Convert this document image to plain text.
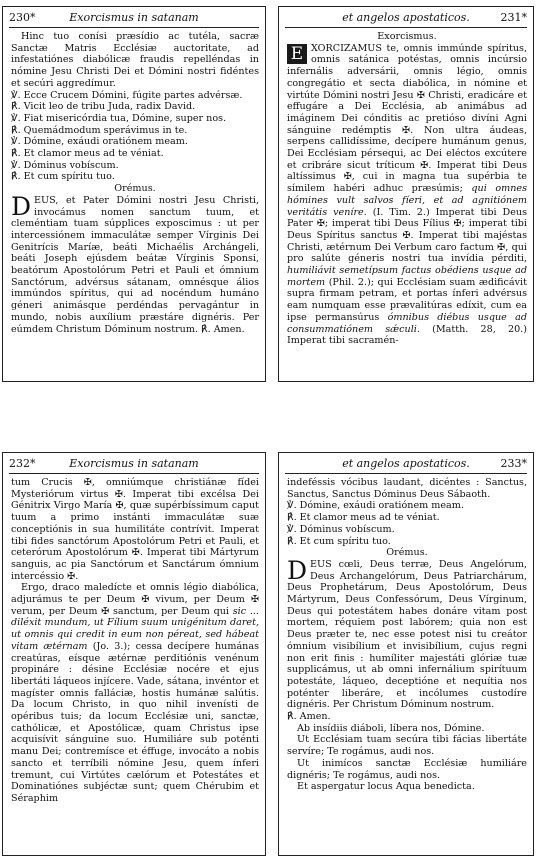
230*	Exorcismus in satanam

Hinc tuo conísi præsídio ac tutéla, sacræ Sanctæ Matris Ecclésiæ auctoritate, ad infestatiónes diabólicæ fraudis repelléndas in nómine Jesu Christi Dei et Dómini nostri fidéntes et secúri aggredímur.

℣. Ecce Crucem Dómini, fúgite partes advérsæ.

℟. Vicit leo de tribu Juda, radix David.

℣. Fiat misericórdia tua, Dómine, super nos.

℟. Quemádmodum sperávimus in te.

℣. Dómine, exáudi oratiónem meam.

℟. Et clamor meus ad te véniat.

℣. Dóminus vobíscum.

℟. Et cum spíritu tuo.

Orémus.

DEUS, et Pater Dómini nostri Jesu Christi, invocámus nomen sanctum tuum, et cleméntiam tuam súpplices exposcimus : ut per intercessiónem immaculátæ semper Vírginis Dei Genitrícis Maríæ, beáti Michaélis Archángeli, beáti Joseph ejúsdem beátæ Vírginis Sponsi, beatórum Apostolórum Petri et Pauli et ómnium Sanctórum, advérsus sátanam, omnésque álios immúndos spíritus, qui ad nocéndum humáno géneri animásque perdéndas pervagántur in mundo, nobis auxílium præstáre dignéris. Per eúmdem Christum Dóminum nostrum. ℟. Amen.

et angelos apostaticos.	231*

Exorcismus.

E XORCIZAMUS te, omnis immúnde spíritus, omnis satánica potéstas, omnis incúrsio infernális adversárii, omnis légio, omnis congregátio et secta diabólica, in nómine et virtúte Dómini nostri Jesu ✠ Christi, eradicáre et effugáre a Dei Ecclésia, ab animábus ad imáginem Dei cónditis ac pretióso divíni Agni sánguine redémptis ✠. Non ultra áudeas, serpens callidíssime, decípere humánum genus, Dei Ecclésiam pérsequi, ac Dei eléctos excútere et cribráre sicut tríticum ✠. Imperat tibi Deus altíssimus ✠, cui in magna tua supérbia te símilem habéri adhuc præsúmis; qui omnes hómines vult salvos fíeri, et ad agnitiónem veritátis veníre. (I. Tim. 2.) Imperat tibi Deus Pater ✠; imperat tibi Deus Fílius ✠; imperat tibi Deus Spíritus sanctus ✠. Imperat tibi majéstas Christi, ætérnum Dei Verbum caro factum ✠, qui pro salúte géneris nostri tua invídia pérditi, humiliávit semetípsum factus obédiens usque ad mortem (Phil. 2.); qui Ecclésiam suam ædificávit supra firmam petram, et portas ínferi advérsus eam numquam esse prævalitúras edíxit, cum ea ipse permansúrus ómnibus diébus usque ad consummatiónem sǽculi. (Matth. 28, 20.) Imperat tibi sacramén-

232*	Exorcismus in satanam

tum Crucis ✠, omniúmque christiánæ fídei Mysteriórum virtus ✠. Imperat tibi excélsa Dei Génitrix Virgo María ✠, quæ supérbíssimum caput tuum a primo instánti immaculátæ suæ conceptiónis in sua humilitáte contrívit. Imperat tibi fides sanctórum Apostolórum Petri et Pauli, et ceterórum Apostolórum ✠. Imperat tibi Mártyrum sanguis, ac pia Sanctórum et Sanctárum ómnium intercéssio ✠.

Ergo, draco maledícte et omnis légio diabólica, adjurámus te per Deum ✠ vivum, per Deum ✠ verum, per Deum ✠ sanctum, per Deum qui sic ... diléxit mundum, ut Fílium suum unigénitum daret, ut omnis qui credit in eum non péreat, sed hábeat vitam ætérnam (Jo. 3.); cessa decípere humánas creatúras, eísque ætérnæ perditiónis venénum propináre : désine Ecclésiæ nocére et ejus libertáti láqueos injícere. Vade, sátana, invéntor et magíster omnis falláciæ, hostis humánæ salútis. Da locum Christo, in quo nihil invenísti de opéribus tuis; da locum Ecclésiæ uni, sanctæ, cathólicæ, et Apostólicæ, quam Christus ipse acquisívit sánguine suo. Humiliáre sub poténti manu Dei; contremísce et éffuge, invocáto a nobis sancto et terríbili nómine Jesu, quem ínferi tremunt, cui Virtútes cælórum et Potestátes et Dominatiónes subjéctæ sunt; quem Chérubim et Séraphim

et angelos apostaticos.	233*

indeféssis vócibus laudant, dicéntes : Sanctus, Sanctus, Sanctus Dóminus Deus Sábaoth.

℣. Dómine, exáudi oratiónem meam.

℟. Et clamor meus ad te véniat.

℣. Dóminus vobíscum.

℟. Et cum spíritu tuo.

Orémus.

DEUS cœli, Deus terræ, Deus Angelórum, Deus Archangelórum, Deus Patriarchárum, Deus Prophetárum, Deus Apostolórum, Deus Mártyrum, Deus Confessórum, Deus Vírginum, Deus qui potestátem habes donáre vitam post mortem, réquiem post labórem; quia non est Deus præter te, nec esse potest nisi tu creátor ómnium visibílium et invisibílium, cujus regni non erit finis : humíliter majestáti glóriæ tuæ supplicámus, ut ab omni infernálium spirítuum potestáte, láqueo, deceptióne et nequítia nos poténter liberáre, et incólumes custodíre dignéris. Per Christum Dóminum nostrum.

℟. Amen.

Ab insídiis diáboli, líbera nos, Dómine.

Ut Ecclésiam tuam secúra tibi fácias libertáte servíre; Te rogámus, audi nos.

Ut inimícos sanctæ Ecclésiæ humiliáre dignéris; Te rogámus, audi nos.

Et aspergatur locus Aqua benedicta.
